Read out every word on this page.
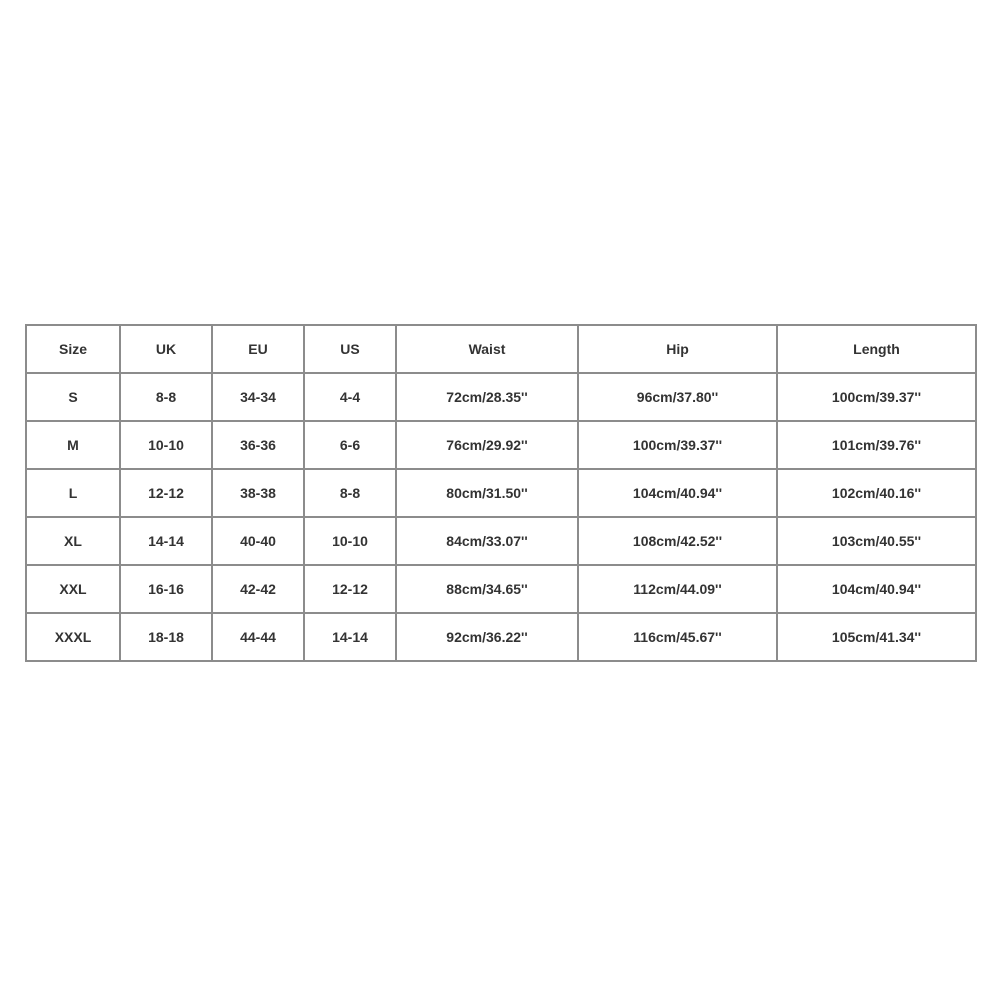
Size	UK	EU	US	Waist	Hip	Length
S	8-8	34-34	4-4	72cm/28.35''	96cm/37.80''	100cm/39.37''
M	10-10	36-36	6-6	76cm/29.92''	100cm/39.37''	101cm/39.76''
L	12-12	38-38	8-8	80cm/31.50''	104cm/40.94''	102cm/40.16''
XL	14-14	40-40	10-10	84cm/33.07''	108cm/42.52''	103cm/40.55''
XXL	16-16	42-42	12-12	88cm/34.65''	112cm/44.09''	104cm/40.94''
XXXL	18-18	44-44	14-14	92cm/36.22''	116cm/45.67''	105cm/41.34''
